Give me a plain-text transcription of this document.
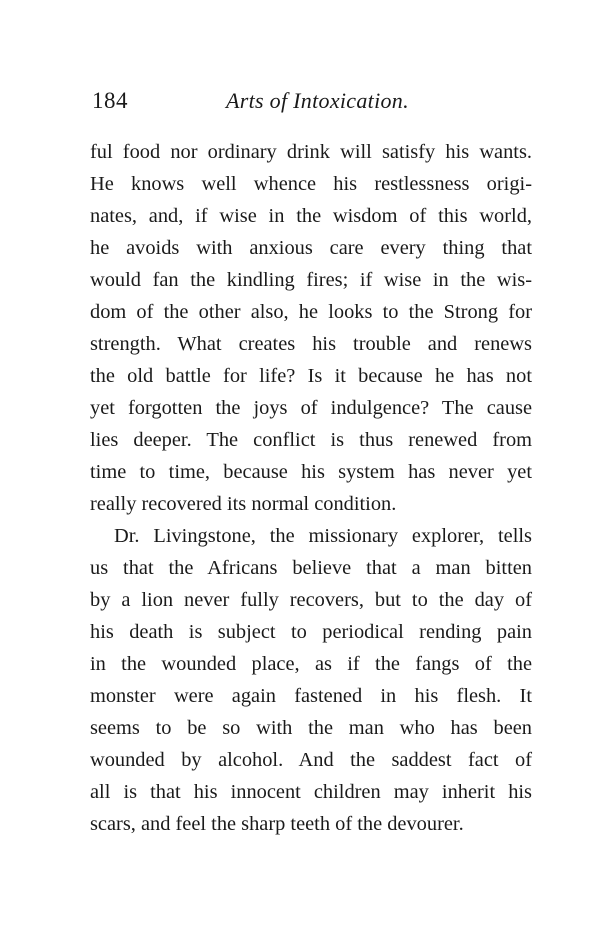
184	Arts of Intoxication.
ful food nor ordinary drink will satisfy his wants.
He knows well whence his restlessness origi-
nates, and, if wise in the wisdom of this world,
he avoids with anxious care every thing that
would fan the kindling fires; if wise in the wis-
dom of the other also, he looks to the Strong for
strength. What creates his trouble and renews
the old battle for life? Is it because he has not
yet forgotten the joys of indulgence? The cause
lies deeper. The conflict is thus renewed from
time to time, because his system has never yet
really recovered its normal condition.
Dr. Livingstone, the missionary explorer, tells
us that the Africans believe that a man bitten
by a lion never fully recovers, but to the day of
his death is subject to periodical rending pain
in the wounded place, as if the fangs of the
monster were again fastened in his flesh. It
seems to be so with the man who has been
wounded by alcohol. And the saddest fact of
all is that his innocent children may inherit his
scars, and feel the sharp teeth of the devourer.
